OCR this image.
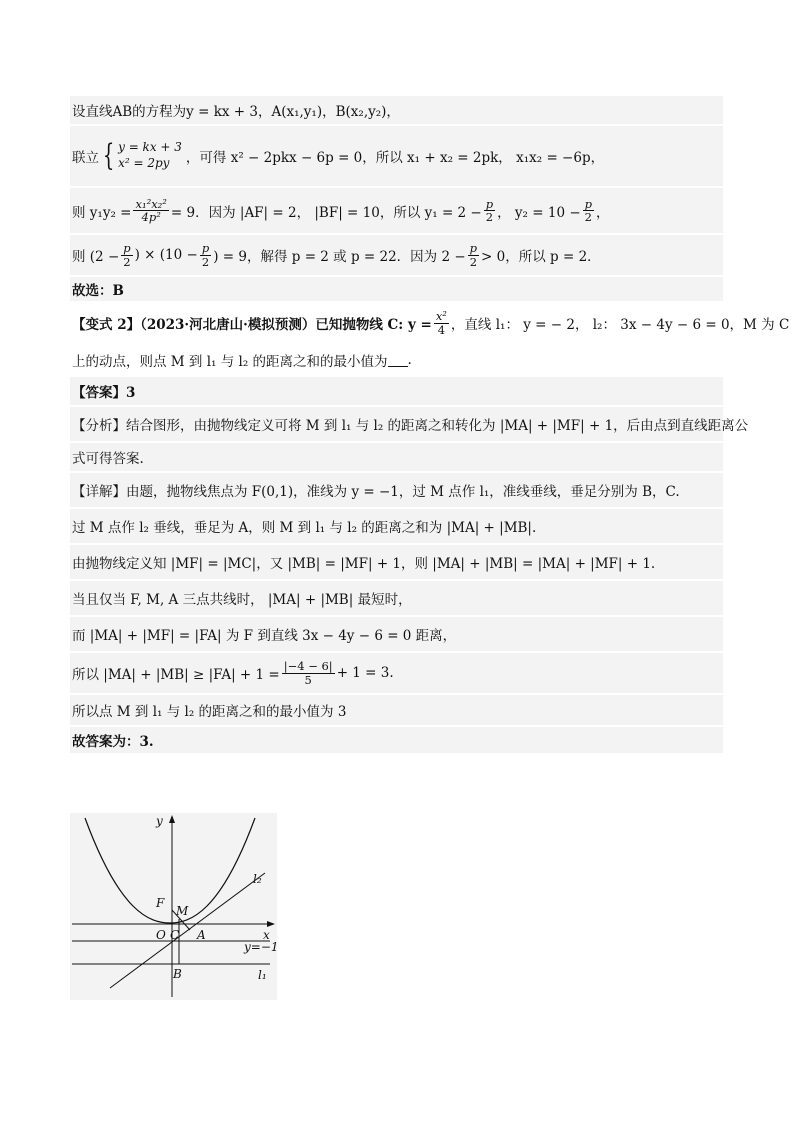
设直线AB的方程为y = kx + 3，A(x₁,y₁)，B(x₂,y₂)，
联立 { y = kx + 3
x² = 2py	，可得 x² − 2pkx − 6p = 0，所以 x₁ + x₂ = 2pk， x₁x₂ = −6p，
则 $y_1y_2 = \frac{\text{x₁²x₂²}}{\text{4p²}} = 9$．因为 |AF| = 2， |BF| = 10，所以 $y_1 = 2 - \frac{p}{2}$ ， $y_2 = 10 - \frac{p}{2}$ ，
则 ($2 - \frac{p}{2}$ ) × ($10 - \frac{p}{2}$ ) = 9，解得 p = 2 或 p = 22．因为 $2 - \frac{p}{2} > 0$，所以 p = 2．
故选：B
【变式 2】（2023·河北唐山·模拟预测）已知抛物线 C: $y = \frac{\text{x²}}{4}$ ，直线 l₁： y = − 2， l₂： 3x − 4y − 6 = 0，M 为 C
上的动点，则点 M 到 l₁ 与 l₂ 的距离之和的最小值为 .
【答案】3
【分析】结合图形，由抛物线定义可将 M 到 l₁ 与 l₂ 的距离之和转化为 |MA| + |MF| + 1，后由点到直线距离公
式可得答案.
【详解】由题，抛物线焦点为 F(0,1)，准线为 y = −1，过 M 点作 l₁，准线垂线，垂足分别为 B，C.
过 M 点作 l₂ 垂线，垂足为 A，则 M 到 l₁ 与 l₂ 的距离之和为 |MA| + |MB|.
由抛物线定义知 |MF| = |MC|，又 |MB| = |MF| + 1，则 |MA| + |MB| = |MA| + |MF| + 1.
当且仅当 F, M, A 三点共线时， |MA| + |MB| 最短时，
而 |MA| + |MF| = |FA| 为 F 到直线 3x − 4y − 6 = 0 距离，
所以 $|MA| + |MB| \ge |FA| + 1 = \frac{|-4 - 6|}{5} + 1 = 3$.
所以点 M 到 l₁ 与 l₂ 的距离之和的最小值为 3
故答案为：3.
y
x
l₂
l₁
F
M
O C A
B
y=−1
